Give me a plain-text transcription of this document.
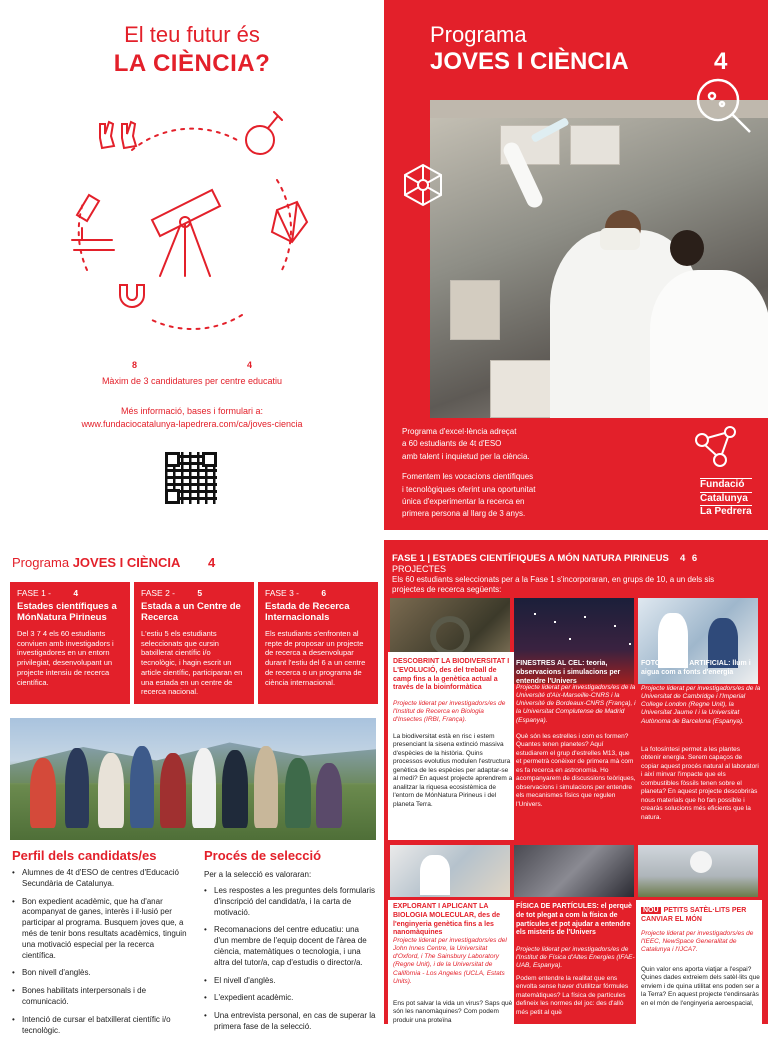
El teu futur és
LA CIÈNCIA?
84
Màxim de 3 candidatures per centre educatiu
Més informació, bases i formulari a:
www.fundaciocatalunya-lapedrera.com/ca/joves-ciencia
Programa
JOVES I CIÈNCIA	4
Programa d'excel·lència adreçat
a 60 estudiants de 4t d'ESO
amb talent i inquietud per la ciència.
Fomentem les vocacions científiques
i tecnològiques oferint una oportunitat
única d'experimentar la recerca en
primera persona al llarg de 3 anys.
Fundació
Catalunya
La Pedrera
Programa JOVES I CIÈNCIA 4
FASE 1 -	4
Estades científiques a MónNatura Pirineus
Del 3 7 4 els 60 estudiants conviuen amb investigadors i investigadores en un entorn privilegiat, desenvolupant un projecte intensiu de recerca científica.
FASE 2 -	5
Estada a un Centre de Recerca
L'estiu 5 els estudiants seleccionats que cursin batxillerat científic i/o tecnològic, i hagin escrit un article científic, participaran en una estada en un centre de recerca nacional.
FASE 3 -	6
Estada de Recerca Internacionals
Els estudiants s'enfronten al repte de proposar un projecte de recerca a desenvolupar durant l'estiu del 6 a un centre de recerca o un programa de ciència internacional.
Perfil dels candidats/es
• Alumnes de 4t d'ESO de centres d'Educació Secundària de Catalunya.
• Bon expedient acadèmic, que ha d'anar acompanyat de ganes, interès i il·lusió per participar al programa. Busquem joves que, a més de tenir bons resultats acadèmics, tinguin una motivació especial per la recerca científica.
• Bon nivell d'anglès.
• Bones habilitats interpersonals i de comunicació.
• Intenció de cursar el batxillerat científic i/o tecnològic.
Procés de selecció
Per a la selecció es valoraran:
• Les respostes a les preguntes dels formularis d'inscripció del candidat/a, i la carta de motivació.
• Recomanacions del centre educatiu: una d'un membre de l'equip docent de l'àrea de ciència, matemàtiques o tecnologia, i una altra del tutor/a, cap d'estudis o director/a.
• El nivell d'anglès.
• L'expedient acadèmic.
• Una entrevista personal, en cas de superar la primera fase de la selecció.
FASE 1 | ESTADES CIENTÍFIQUES A MÓN NATURA PIRINEUS 4 6
PROJECTES
Els 60 estudiants seleccionats per a la Fase 1 s'incorporaran, en grups de 10, a un dels sis
projectes de recerca següents:
DESCOBRINT LA BIODIVERSITAT I L'EVOLUCIÓ, des del treball de camp fins a la genètica actual a través de la bioinformàtica
Projecte liderat per investigadors/es de l'Institut de Recerca en Biologia d'Insectes (IRBI, França).
La biodiversitat està en risc i estem presenciant la sisena extinció massiva d'espècies de la història. Quins processos evolutius modulen l'estructura genètica de les espècies per adaptar-se al medi? En aquest projecte aprendrem a analitzar la riquesa ecosistèmica de l'entorn de MónNatura Pirineus i del planeta Terra.
FINESTRES AL CEL: teoria, observacions i simulacions per entendre l'Univers
Projecte liderat per investigadors/es de la Université d'Aix-Marseille-CNRS i la Université de Bordeaux-CNRS (França), i la Universitat Complutense de Madrid (Espanya).
Què són les estrelles i com es formen? Quantes tenen planetes? Aquí estudiarem el grup d'estrelles M13, que et permetrà conèixer de primera mà com es fa recerca en astronomia. Ho acompanyarem de discussions teòriques, observacions i simulacions per entendre els mecanismes físics que regulen l'Univers.
FOTOSÍNTESI ARTIFICIAL: llum i aigua com a fonts d'energia
Projecte liderat per investigadors/es de la Universitat de Cambridge i l'Imperial College London (Regne Unit), la Universitat Jaume I i la Universitat Autònoma de Barcelona (Espanya).
La fotosíntesi permet a les plantes obtenir energia. Serem capaços de copiar aquest procés natural al laboratori i així minvar l'impacte que els combustibles fòssils tenen sobre el planeta? En aquest projecte descobriràs nous materials que ho fan possible i crearàs solucions més eficients que la natura.
EXPLORANT I APLICANT LA BIOLOGIA MOLECULAR, des de l'enginyeria genètica fins a les nanomàquines
Projecte liderat per investigadors/es del John Innes Centre, la Universitat d'Oxford, i The Sainsbury Laboratory (Regne Unit), i de la Universitat de Califòrnia - Los Angeles (UCLA, Estats Units).
Ens pot salvar la vida un virus? Saps què són les nanomàquines? Com podem produir una proteïna
FÍSICA DE PARTÍCULES: el perquè de tot plegat a com la física de partícules et pot ajudar a entendre els misteris de l'Univers
Projecte liderat per investigadors/es de l'Institut de Física d'Altes Energies (IFAE-UAB, Espanya).
Podem entendre la realitat que ens envolta sense haver d'utilitzar fórmules matemàtiques? La física de partícules defineix les normes del joc: des d'allò més petit al què
NOU PETITS SATÈL·LITS PER CANVIAR EL MÓN
Projecte liderat per investigadors/es de l'IEEC, NewSpace Generalitat de Catalunya i l'IJCA7.
Quin valor ens aporta viatjar a l'espai? Quines dades extreiem dels satèl·lits que enviem i de quina utilitat ens poden ser a la Terra? En aquest projecte t'endinsaràs en el món de l'enginyeria aeroespacial,
